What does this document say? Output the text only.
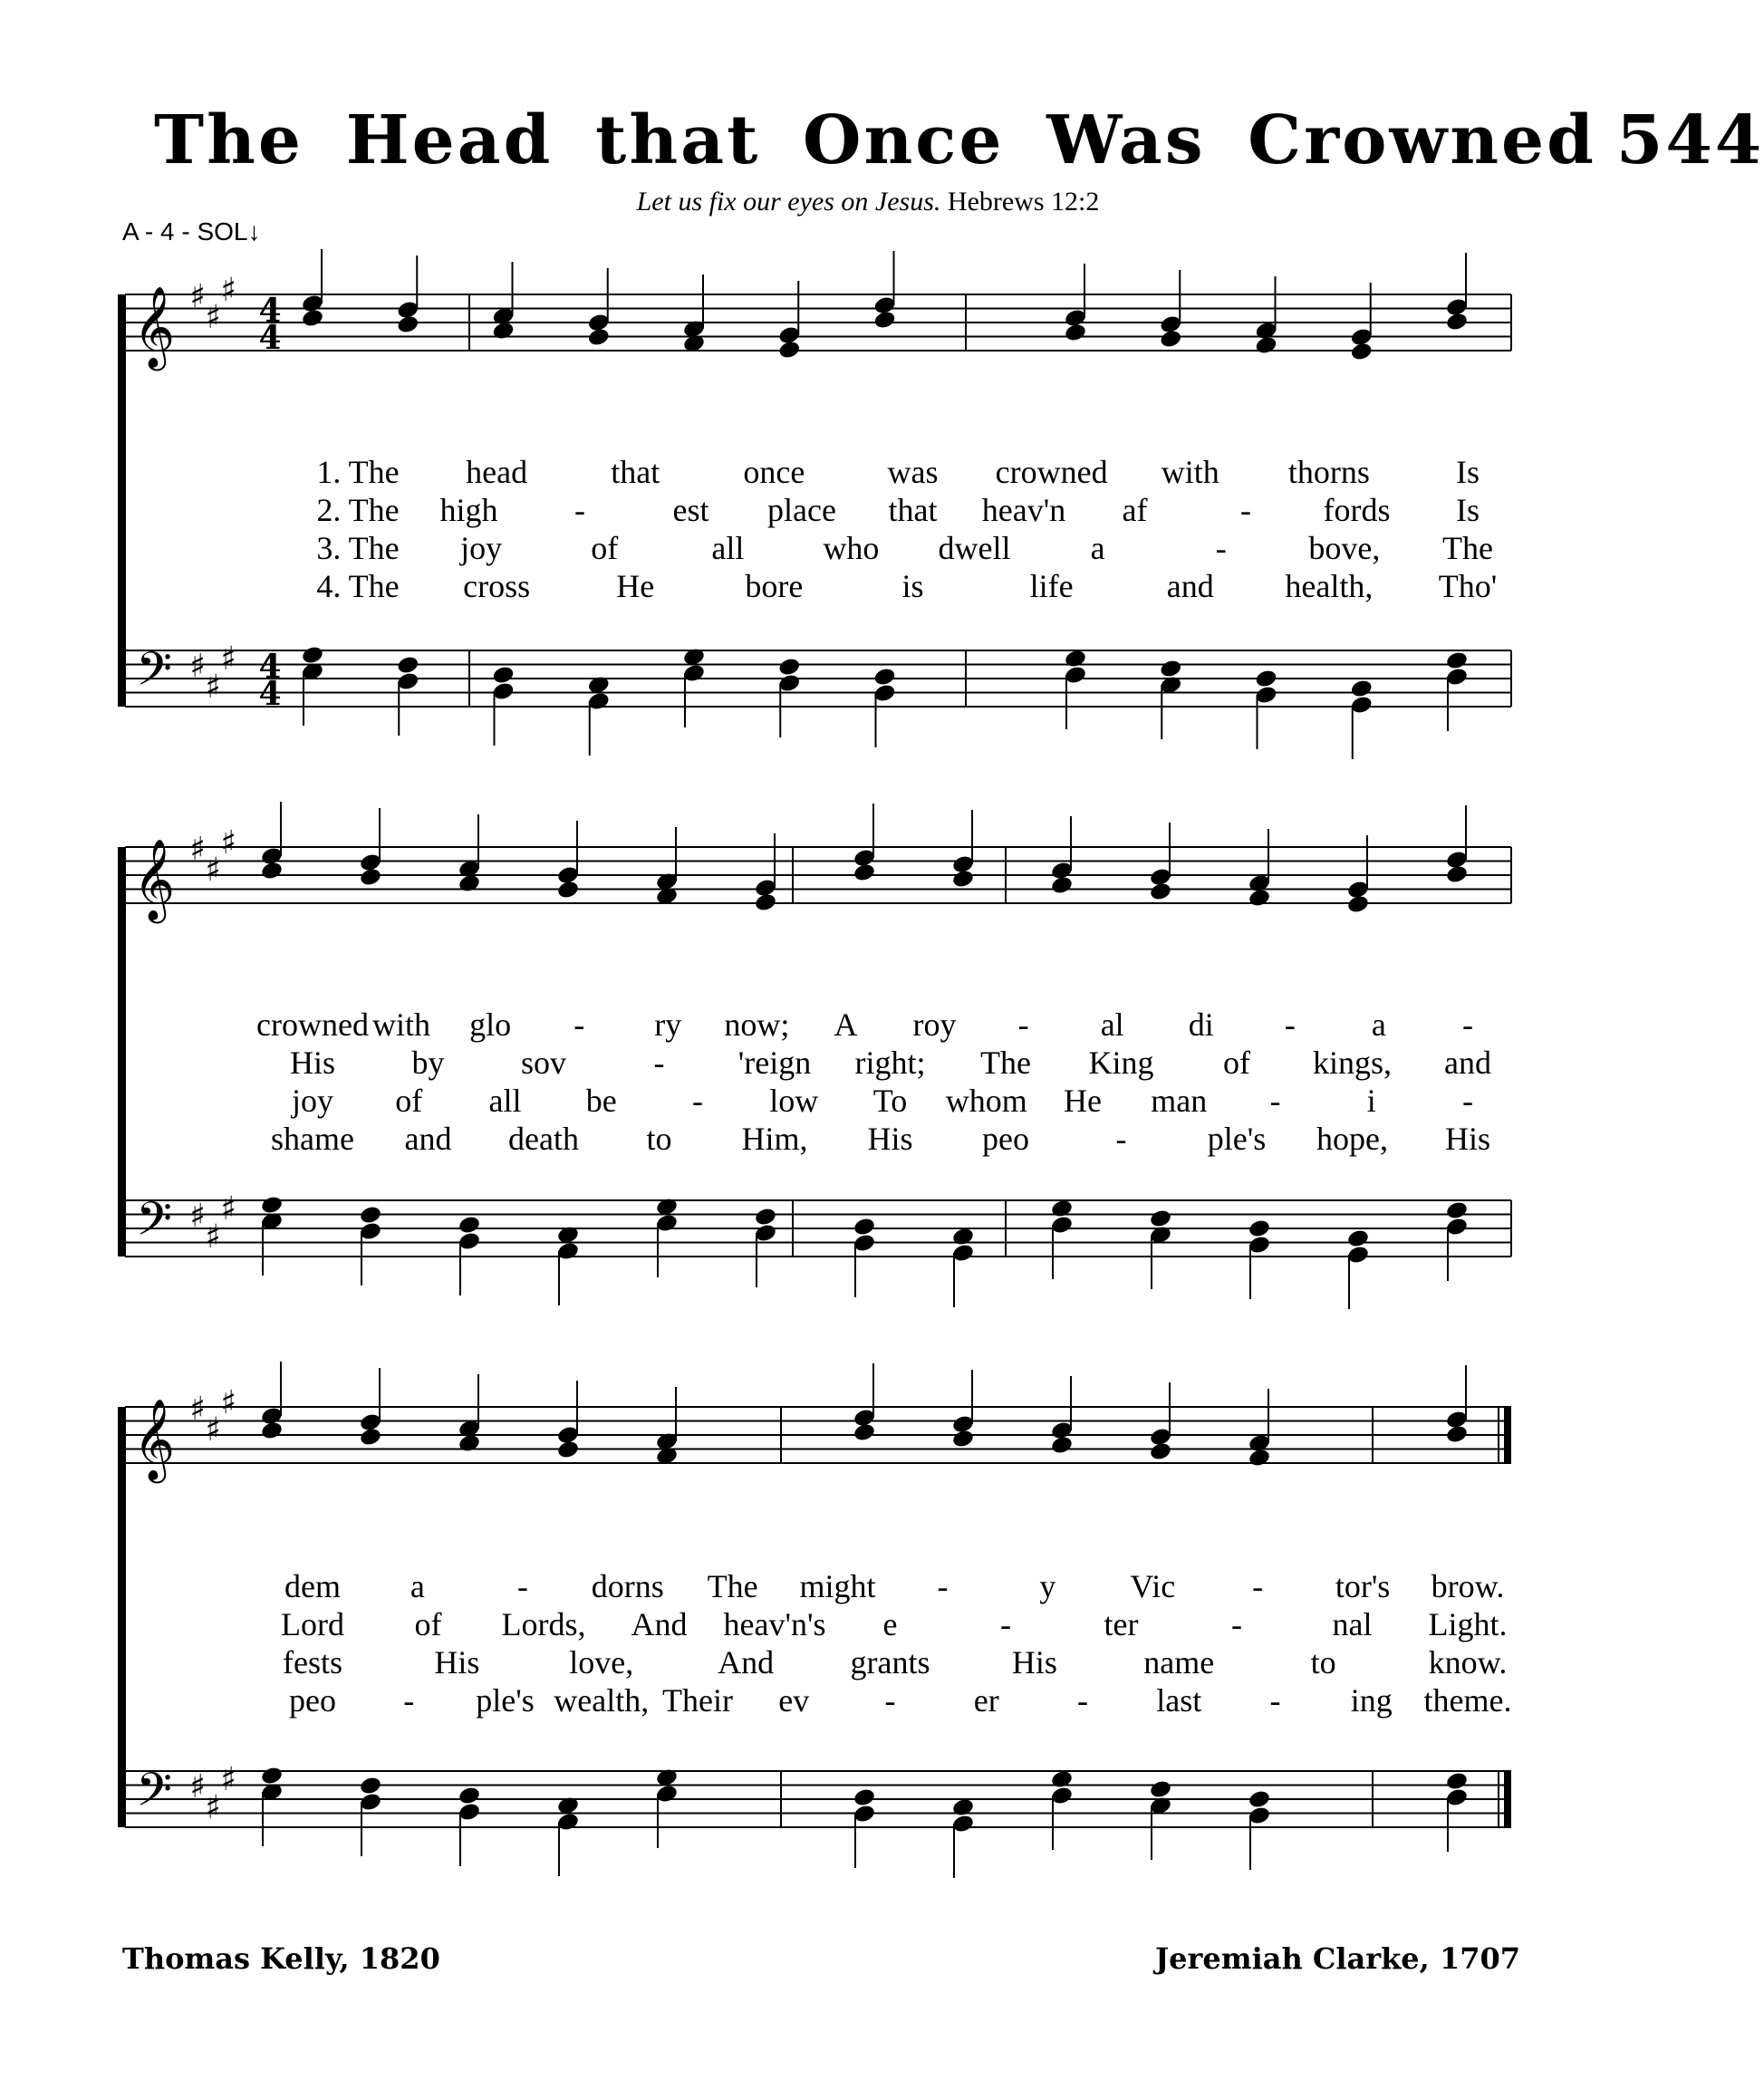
The Head that Once Was Crowned 544
Let us fix our eyes on Jesus. Hebrews 12:2
A - 4 - SOL↓
𝄞
𝄢
♯
♯
♯
♯
♯
♯
4
4
4
4
𝄞
𝄢
♯
♯
♯
♯
♯
♯
𝄞
𝄢
♯
♯
♯
♯
♯
♯
1. The head	that	once	was crowned with thorns	Is
2. The high -	est place that heav'n af	- fords Is
3. The joy	of	all who dwell a	-	bove, The
4. The cross	He	bore	is	life	and health, Tho'
crowned with glo - ry now; A roy - al di - a -
His by sov	- 'reign right; The King of kings, and
joy of all be - low To whom He man -	i	-
shame and death to Him, His peo	- ple's hope, His
dem a	- dorns The might -	y Vic - tor's brow.
Lord of Lords, And heav'n's e	-	ter	-	nal Light.
fests	His	love,	And grants	His	name	to	know.
peo - ple's wealth, Their ev - er - last - ing theme.
Thomas Kelly, 1820	Jeremiah Clarke, 1707
